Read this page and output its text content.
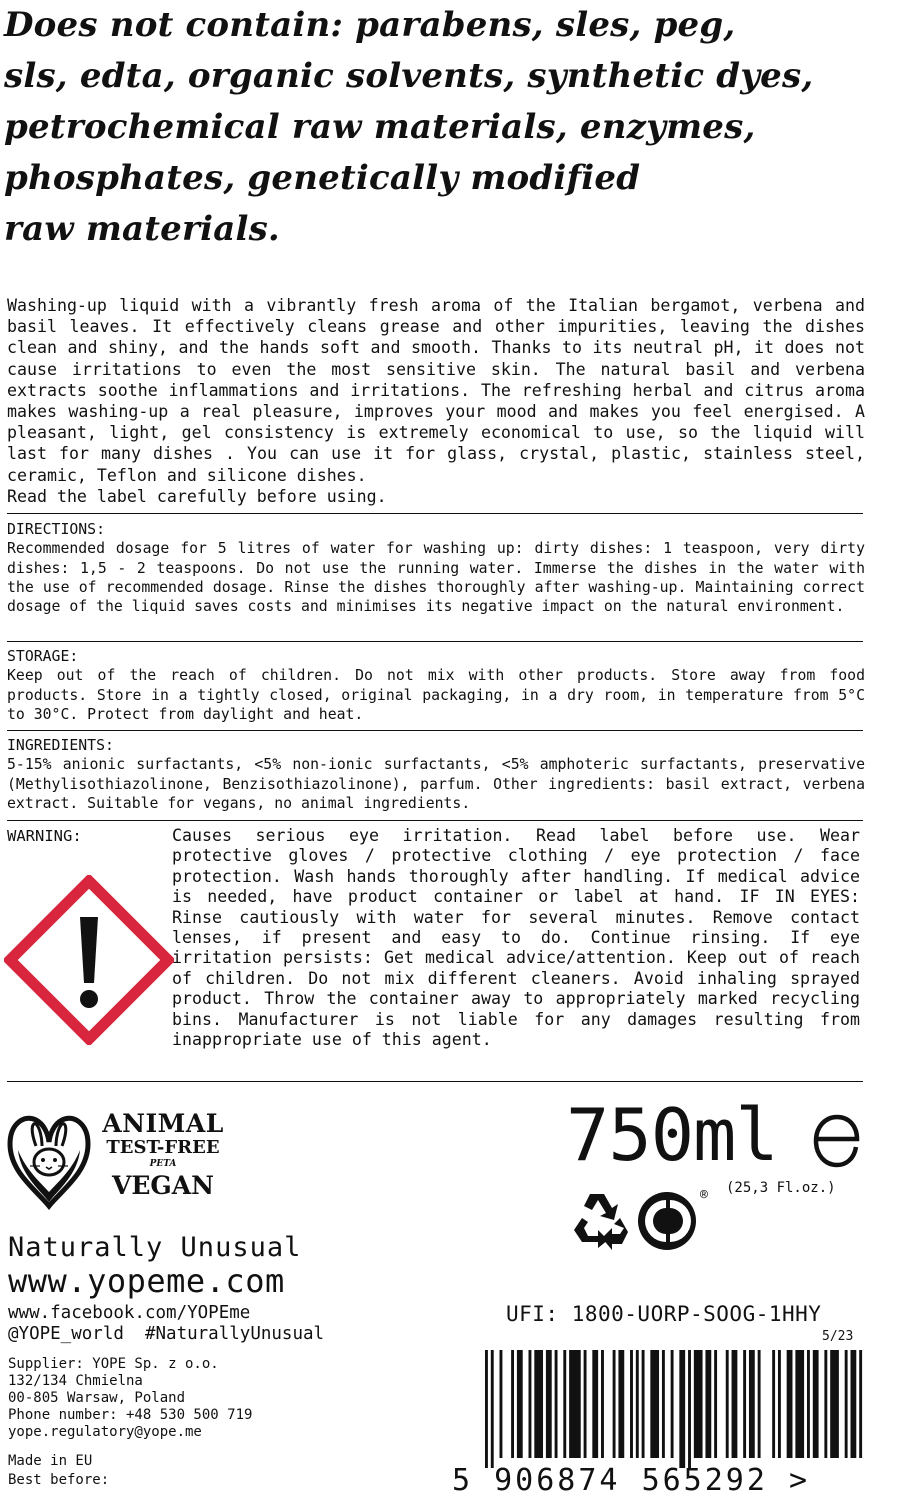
Does not contain: parabens, sles, peg,
sls, edta, organic solvents, synthetic dyes,
petrochemical raw materials, enzymes,
phosphates, genetically modified
raw materials.
Washing-up liquid with a vibrantly fresh aroma of the Italian bergamot, verbena and basil leaves. It effectively cleans grease and other impurities, leaving the dishes clean and shiny, and the hands soft and smooth. Thanks to its neutral pH, it does not cause irritations to even the most sensitive skin. The natural basil and verbena extracts soothe inflammations and irritations. The refreshing herbal and citrus aroma makes washing-up a real pleasure, improves your mood and makes you feel energised. A pleasant, light, gel consistency is extremely economical to use, so the liquid will last for many dishes . You can use it for glass, crystal, plastic, stainless steel, ceramic, Teflon and silicone dishes.
Read the label carefully before using.
DIRECTIONS:
Recommended dosage for 5 litres of water for washing up: dirty dishes: 1 teaspoon, very dirty dishes: 1,5 - 2 teaspoons. Do not use the running water. Immerse the dishes in the water with the use of recommended dosage. Rinse the dishes thoroughly after washing-up. Maintaining correct dosage of the liquid saves costs and minimises its negative impact on the natural environment.
STORAGE:
Keep out of the reach of children. Do not mix with other products. Store away from food products. Store in a tightly closed, original packaging, in a dry room, in temperature from 5°C to 30°C. Protect from daylight and heat.
INGREDIENTS:
5-15% anionic surfactants, <5% non-ionic surfactants, <5% amphoteric surfactants, preservative (Methylisothiazolinone, Benzisothiazolinone), parfum. Other ingredients: basil extract, verbena extract. Suitable for vegans, no animal ingredients.
WARNING:	Causes serious eye irritation. Read label before use. Wear protective gloves / protective clothing / eye protection / face protection. Wash hands thoroughly after handling. If medical advice is needed, have product container or label at hand. IF IN EYES: Rinse cautiously with water for several minutes. Remove contact lenses, if present and easy to do. Continue rinsing. If eye irritation persists: Get medical advice/attention. Keep out of reach of children. Do not mix different cleaners. Avoid inhaling sprayed product. Throw the container away to appropriately marked recycling bins. Manufacturer is not liable for any damages resulting from inappropriate use of this agent.

ANIMAL
TEST-FREE
PETA
VEGAN
750ml
(25,3 Fl.oz.)
®
Naturally Unusual
www.yopeme.com
www.facebook.com/YOPEme
@YOPE_world  #NaturallyUnusual
Supplier: YOPE Sp. z o.o.
132/134 Chmielna
00-805 Warsaw, Poland
Phone number: +48 530 500 719
yope.regulatory@yope.me
Made in EU
Best before:
UFI: 1800-UORP-SOOG-1HHY
5/23
5 906874 565292 >
